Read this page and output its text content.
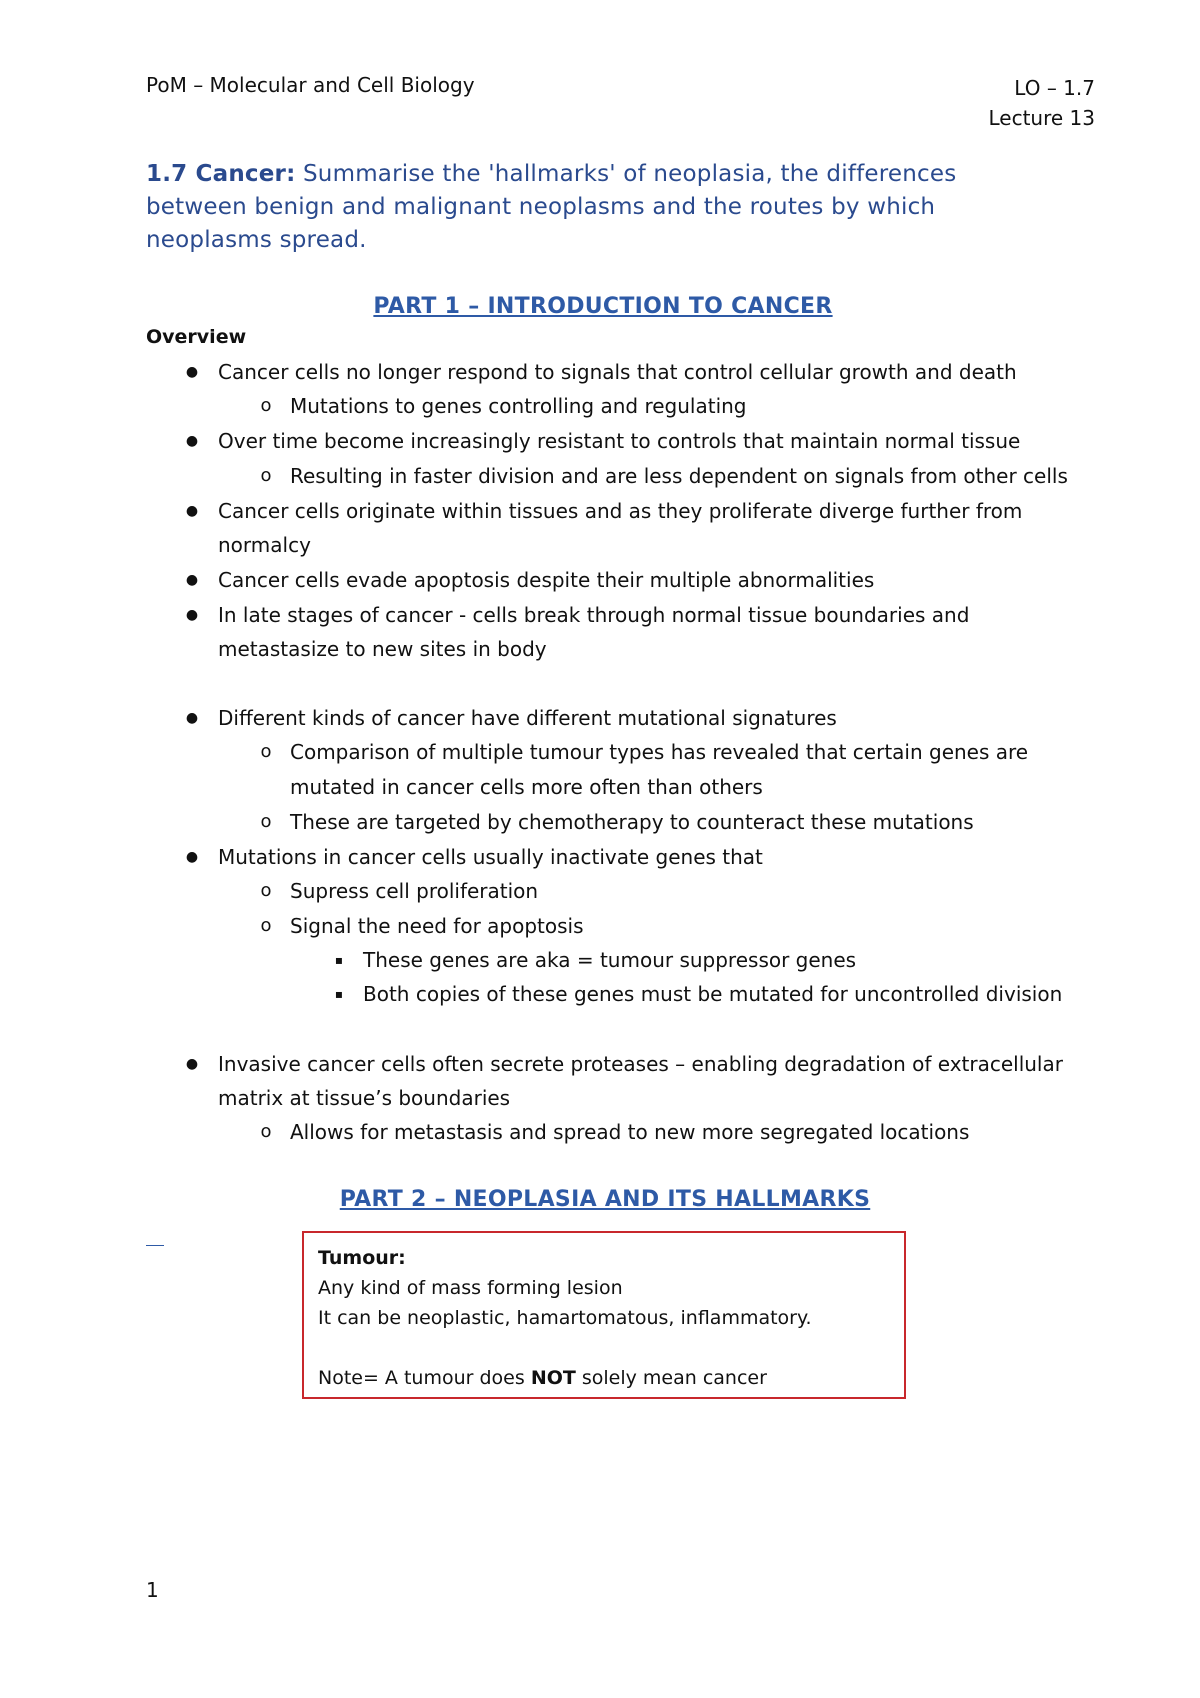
PoM – Molecular and Cell Biology	LO – 1.7
Lecture 13
1.7 Cancer: Summarise the 'hallmarks' of neoplasia, the differences between benign and malignant neoplasms and the routes by which neoplasms spread.
PART 1 – INTRODUCTION TO CANCER
Overview
● Cancer cells no longer respond to signals that control cellular growth and death
o Mutations to genes controlling and regulating
● Over time become increasingly resistant to controls that maintain normal tissue
o Resulting in faster division and are less dependent on signals from other cells
● Cancer cells originate within tissues and as they proliferate diverge further from
normalcy
● Cancer cells evade apoptosis despite their multiple abnormalities
● In late stages of cancer - cells break through normal tissue boundaries and
metastasize to new sites in body
● Different kinds of cancer have different mutational signatures
o Comparison of multiple tumour types has revealed that certain genes are
mutated in cancer cells more often than others
o These are targeted by chemotherapy to counteract these mutations
● Mutations in cancer cells usually inactivate genes that
o Supress cell proliferation
o Signal the need for apoptosis
▪ These genes are aka = tumour suppressor genes
▪ Both copies of these genes must be mutated for uncontrolled division
● Invasive cancer cells often secrete proteases – enabling degradation of extracellular
matrix at tissue’s boundaries
o Allows for metastasis and spread to new more segregated locations
PART 2 – NEOPLASIA AND ITS HALLMARKS
Tumour:
Any kind of mass forming lesion
It can be neoplastic, hamartomatous, inflammatory.
Note= A tumour does NOT solely mean cancer
1
